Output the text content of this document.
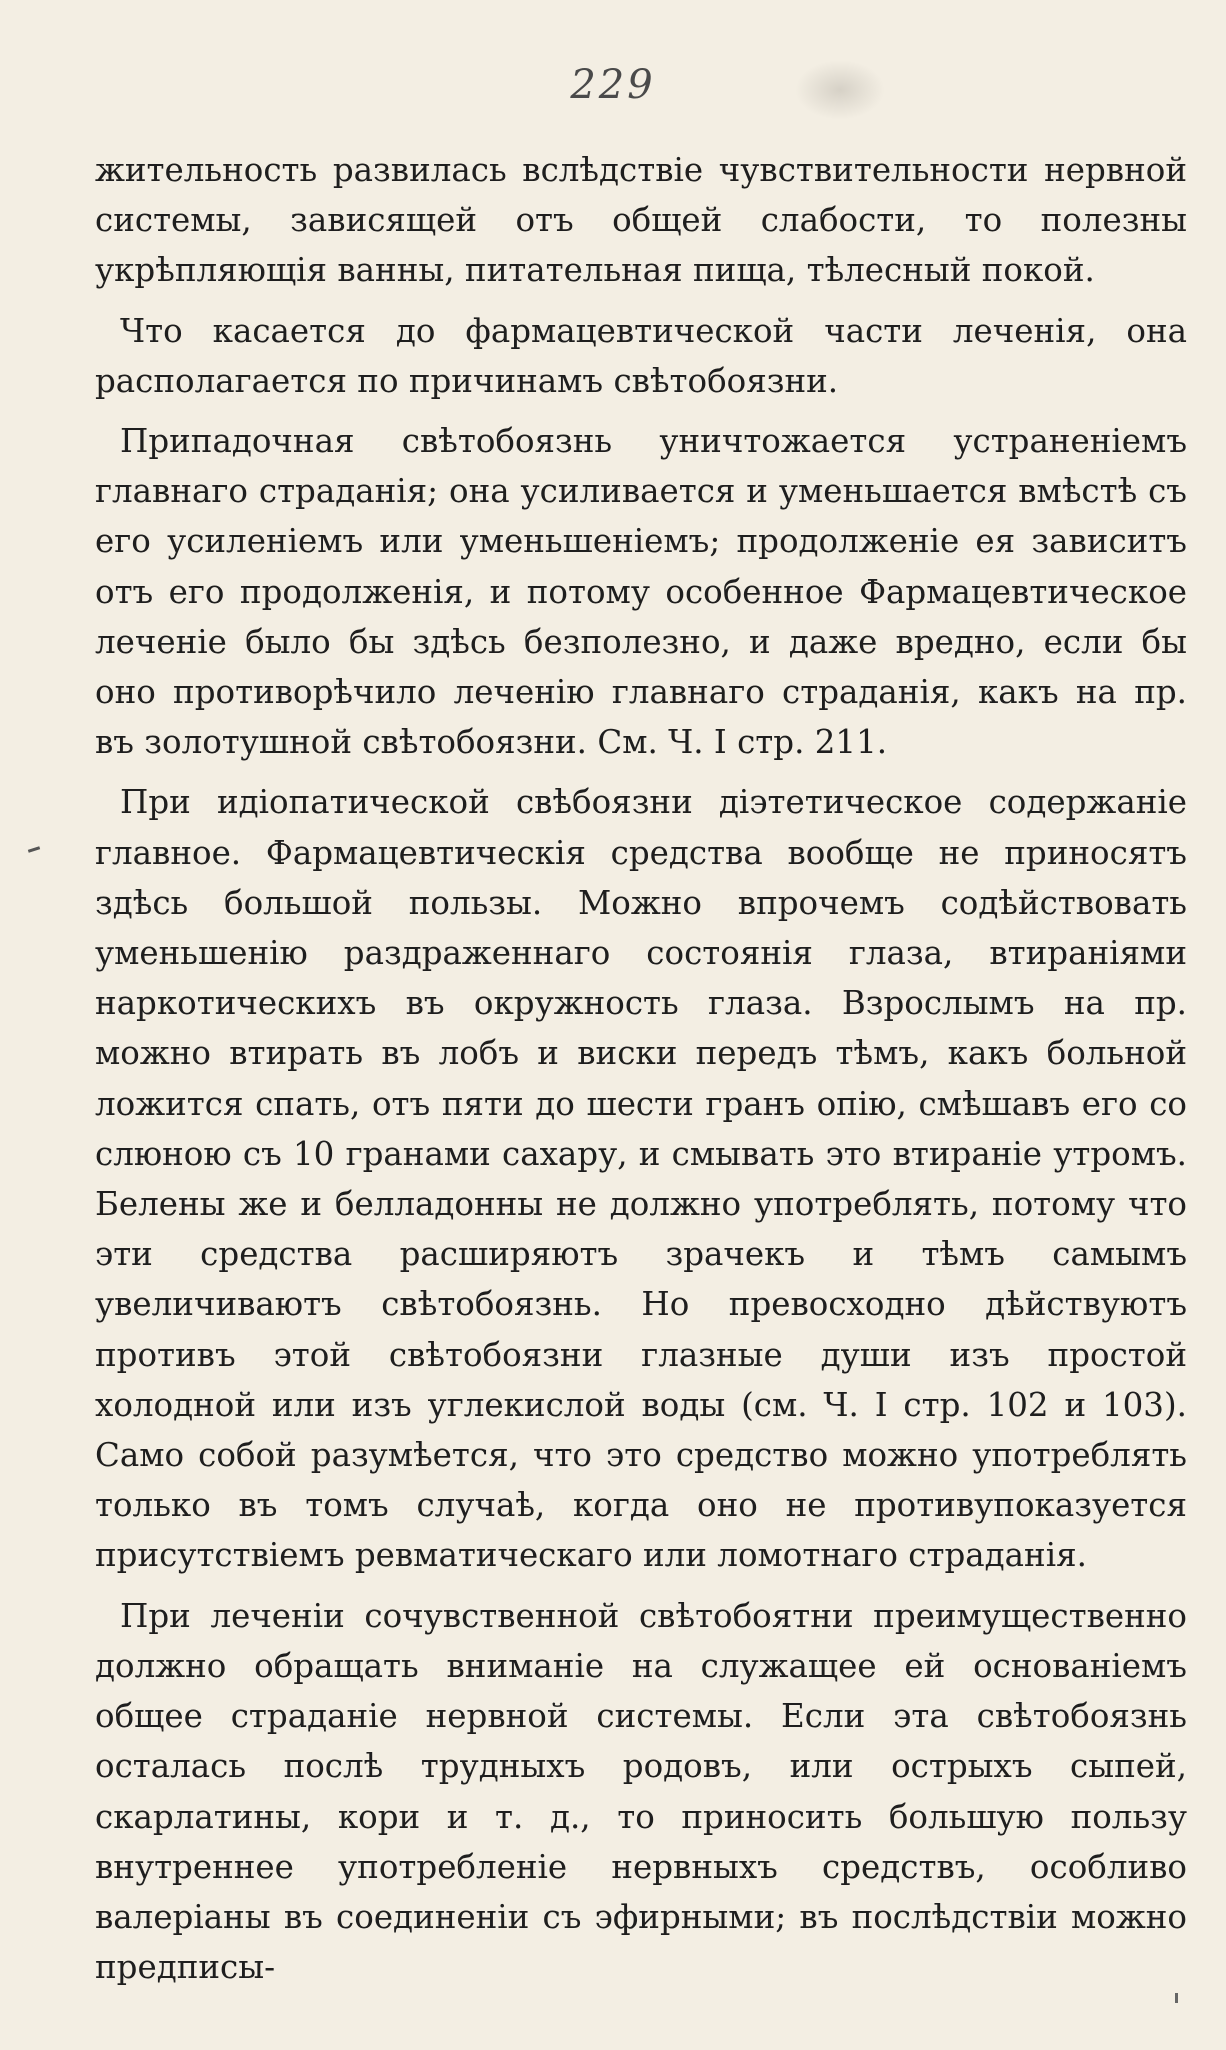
229

жительность развилась вслѣдствіе чувствительности нервной системы, зависящей отъ общей слабости, то полезны укрѣпляющія ванны, питательная пища, тѣлесный покой.

Что касается до фармацевтической части леченія, она располагается по причинамъ свѣтобоязни.

Припадочная свѣтобоязнь уничтожается устраненіемъ главнаго страданія; она усиливается и уменьшается вмѣстѣ съ его усиленіемъ или уменьшеніемъ; продолженіе ея зависитъ отъ его продолженія, и потому особенное Фармацевтическое леченіе было бы здѣсь безполезно, и даже вредно, если бы оно противорѣчило леченію главнаго страданія, какъ на пр. въ золотушной свѣтобоязни. См. Ч. I стр. 211.

При идіопатической свѣбоязни діэтетическое содержаніе главное. Фармацевтическія средства вообще не приносятъ здѣсь большой пользы. Можно впрочемъ содѣйствовать уменьшенію раздраженнаго состоянія глаза, втираніями наркотическихъ въ окружность глаза. Взрослымъ на пр. можно втирать въ лобъ и виски передъ тѣмъ, какъ больной ложится спать, отъ пяти до шести гранъ опію, смѣшавъ его со слюною съ 10 гранами сахару, и смывать это втираніе утромъ. Белены же и белладонны не должно употреблять, потому что эти средства расширяютъ зрачекъ и тѣмъ самымъ увеличиваютъ свѣтобоязнь. Но превосходно дѣйствуютъ противъ этой свѣтобоязни глазные души изъ простой холодной или изъ углекислой воды (см. Ч. I стр. 102 и 103). Само собой разумѣется, что это средство можно употреблять только въ томъ случаѣ, когда оно не противупоказуется присутствіемъ ревматическаго или ломотнаго страданія.

При леченіи сочувственной свѣтобоятни преимущественно должно обращать вниманіе на служащее ей основаніемъ общее страданіе нервной системы. Если эта свѣтобоязнь осталась послѣ трудныхъ родовъ, или острыхъ сыпей, скарлатины, кори и т. д., то приносить большую пользу внутреннее употребленіе нервныхъ средствъ, особливо валеріаны въ соединеніи съ эфирными; въ послѣдствіи можно предписы-
